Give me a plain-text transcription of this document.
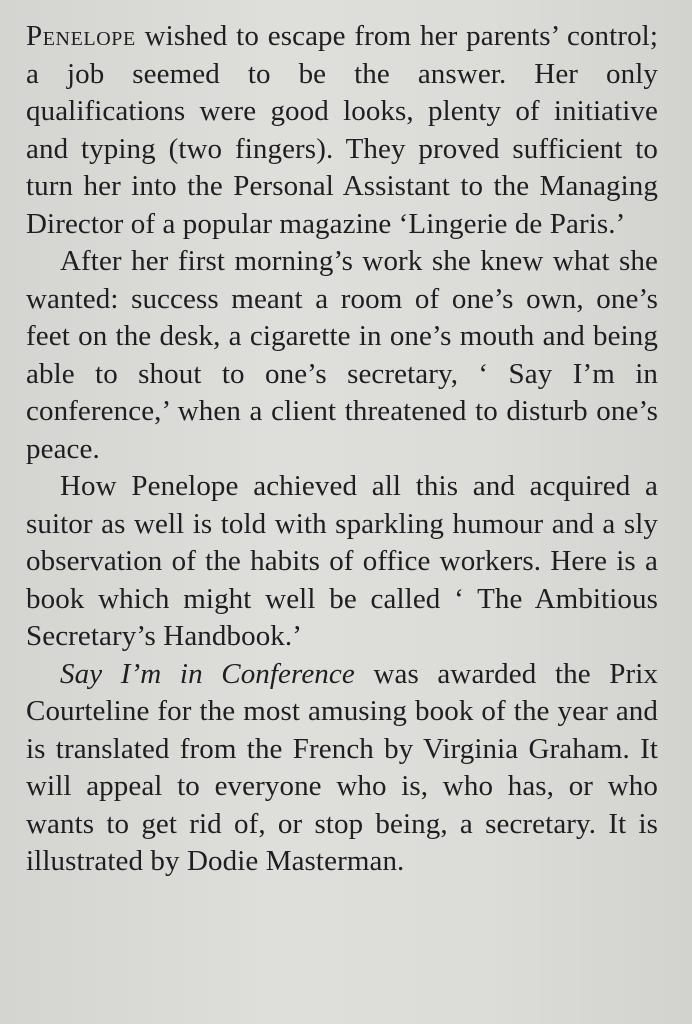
Penelope wished to escape from her parents’ control; a job seemed to be the answer. Her only qualifications were good looks, plenty of initiative and typing (two fingers). They proved sufficient to turn her into the Personal Assistant to the Managing Director of a popular magazine ‘Lingerie de Paris.’

After her first morning’s work she knew what she wanted: success meant a room of one’s own, one’s feet on the desk, a cigarette in one’s mouth and being able to shout to one’s secretary, ‘ Say I’m in conference,’ when a client threatened to disturb one’s peace.

How Penelope achieved all this and acquired a suitor as well is told with sparkling humour and a sly observation of the habits of office workers. Here is a book which might well be called ‘ The Ambitious Secretary’s Handbook.’

Say I’m in Conference was awarded the Prix Courteline for the most amusing book of the year and is translated from the French by Virginia Graham. It will appeal to everyone who is, who has, or who wants to get rid of, or stop being, a secretary. It is illustrated by Dodie Masterman.
